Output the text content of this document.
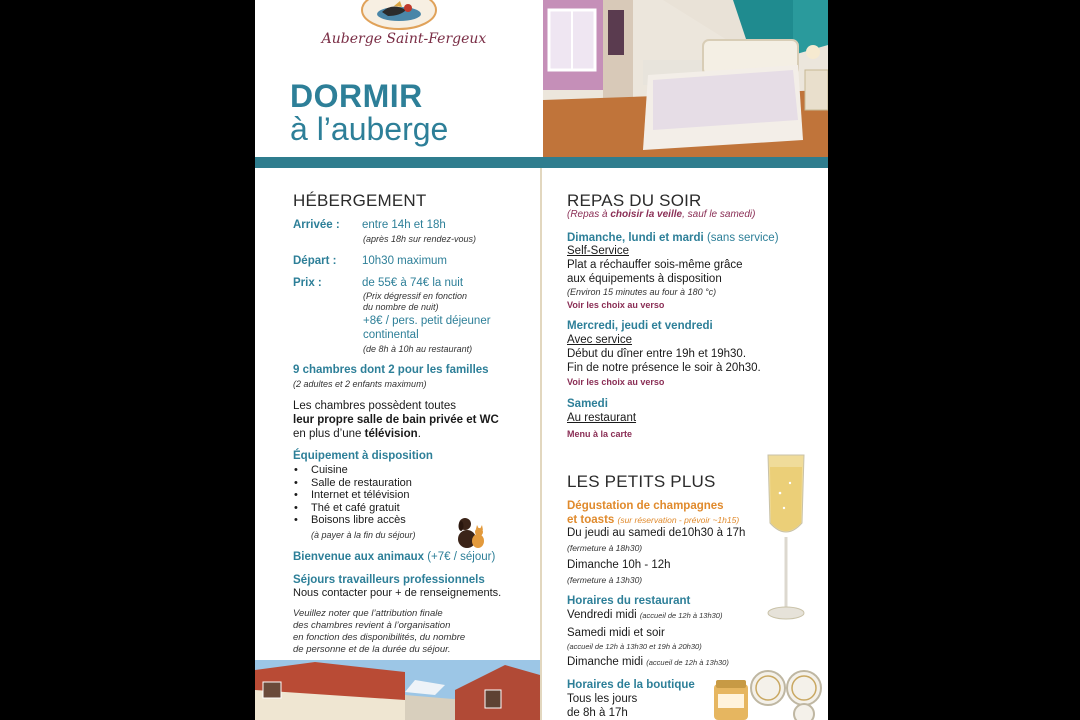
Auberge Saint-Fergeux
DORMIR
à l’auberge
HÉBERGEMENT
Arrivée : entre 14h et 18h
(après 18h sur rendez-vous)
Départ : 10h30 maximum
Prix :	de 55€ à 74€ la nuit
(Prix dégressif en fonction
du nombre de nuit)
+8€ / pers. petit déjeuner
continental
(de 8h à 10h au restaurant)
9 chambres dont 2 pour les familles
(2 adultes et 2 enfants maximum)
Les chambres possèdent toutes
leur propre salle de bain privée et WC
en plus d’une télévision.
Équipement à disposition
• Cuisine
• Salle de restauration
• Internet et télévision
• Thé et café gratuit
• Boisons libre accès
(à payer à la fin du séjour)
Bienvenue aux animaux (+7€ / séjour)
Séjours travailleurs professionnels
Nous contacter pour + de renseignements.
Veuillez noter que l’attribution finale
des chambres revient à l’organisation
en fonction des disponibilités, du nombre
de personne et de la durée du séjour.
REPAS DU SOIR
(Repas à choisir la veille, sauf le samedi)
Dimanche, lundi et mardi (sans service)
Self-Service
Plat a réchauffer sois-même grâce
aux équipements à disposition
(Environ 15 minutes au four à 180 °c)
Voir les choix au verso
Mercredi, jeudi et vendredi
Avec service
Début du dîner entre 19h et 19h30.
Fin de notre présence le soir à 20h30.
Voir les choix au verso
Samedi
Au restaurant
Menu à la carte
LES PETITS PLUS
Dégustation de champagnes
et toasts (sur réservation - prévoir ~1h15)
Du jeudi au samedi de10h30 à 17h
(fermeture à 18h30)
Dimanche 10h - 12h
(fermeture à 13h30)
Horaires du restaurant
Vendredi midi (accueil de 12h à 13h30)
Samedi midi et soir
(accueil de 12h à 13h30 et 19h à 20h30)
Dimanche midi (accueil de 12h à 13h30)
Horaires de la boutique
Tous les jours
de 8h à 17h
